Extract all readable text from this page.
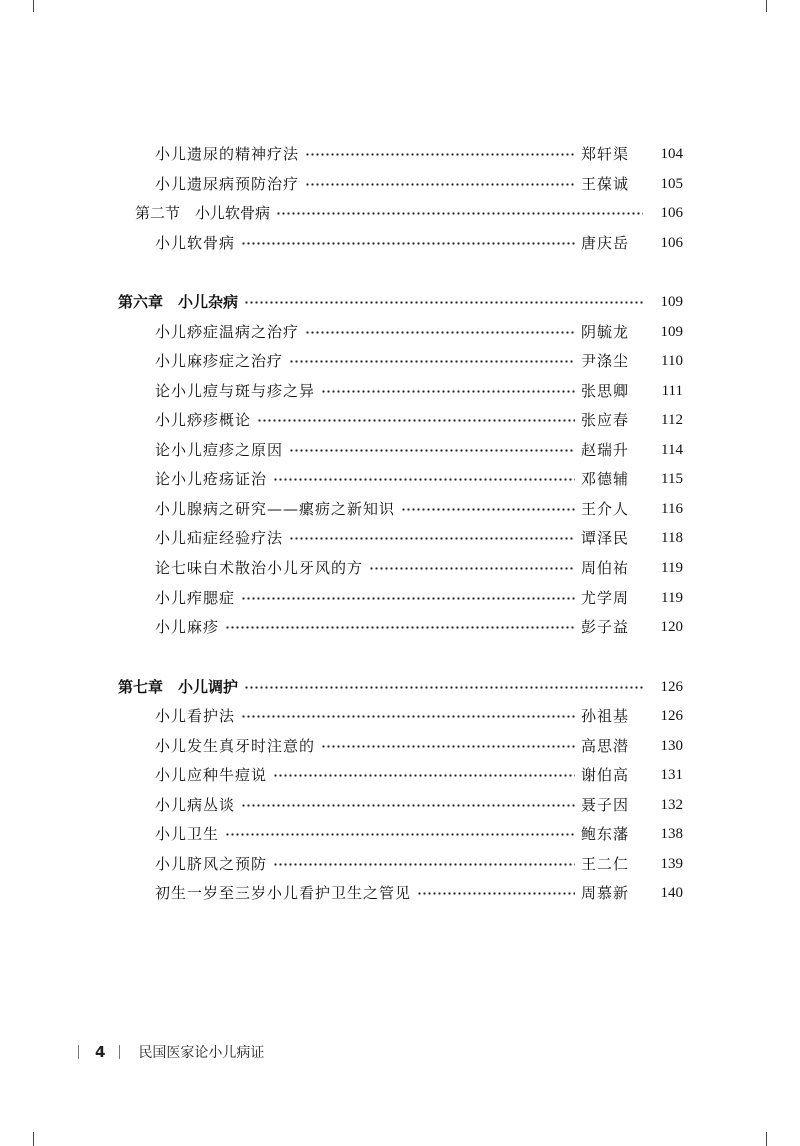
小儿遗尿的精神疗法	郑轩渠	104
小儿遗尿病预防治疗	王葆诚	105
第二节　小儿软骨病	106
小儿软骨病	唐庆岳	106
第六章　小儿杂病	109
小儿痧症温病之治疗	阴毓龙	109
小儿麻疹症之治疗	尹涤尘	110
论小儿痘与斑与疹之异	张思卿	111
小儿痧疹概论	张应春	112
论小儿痘疹之原因	赵瑞升	114
论小儿疮疡证治	邓德辅	115
小儿腺病之研究——瘰疬之新知识	王介人	116
小儿疝症经验疗法	谭泽民	118
论七味白术散治小儿牙风的方	周伯祐	119
小儿痄腮症	尤学周	119
小儿麻疹	彭子益	120
第七章　小儿调护	126
小儿看护法	孙祖基	126
小儿发生真牙时注意的	高思潜	130
小儿应种牛痘说	谢伯高	131
小儿病丛谈	聂子因	132
小儿卫生	鲍东藩	138
小儿脐风之预防	王二仁	139
初生一岁至三岁小儿看护卫生之管见	周慕新	140
4 民国医家论小儿病证
